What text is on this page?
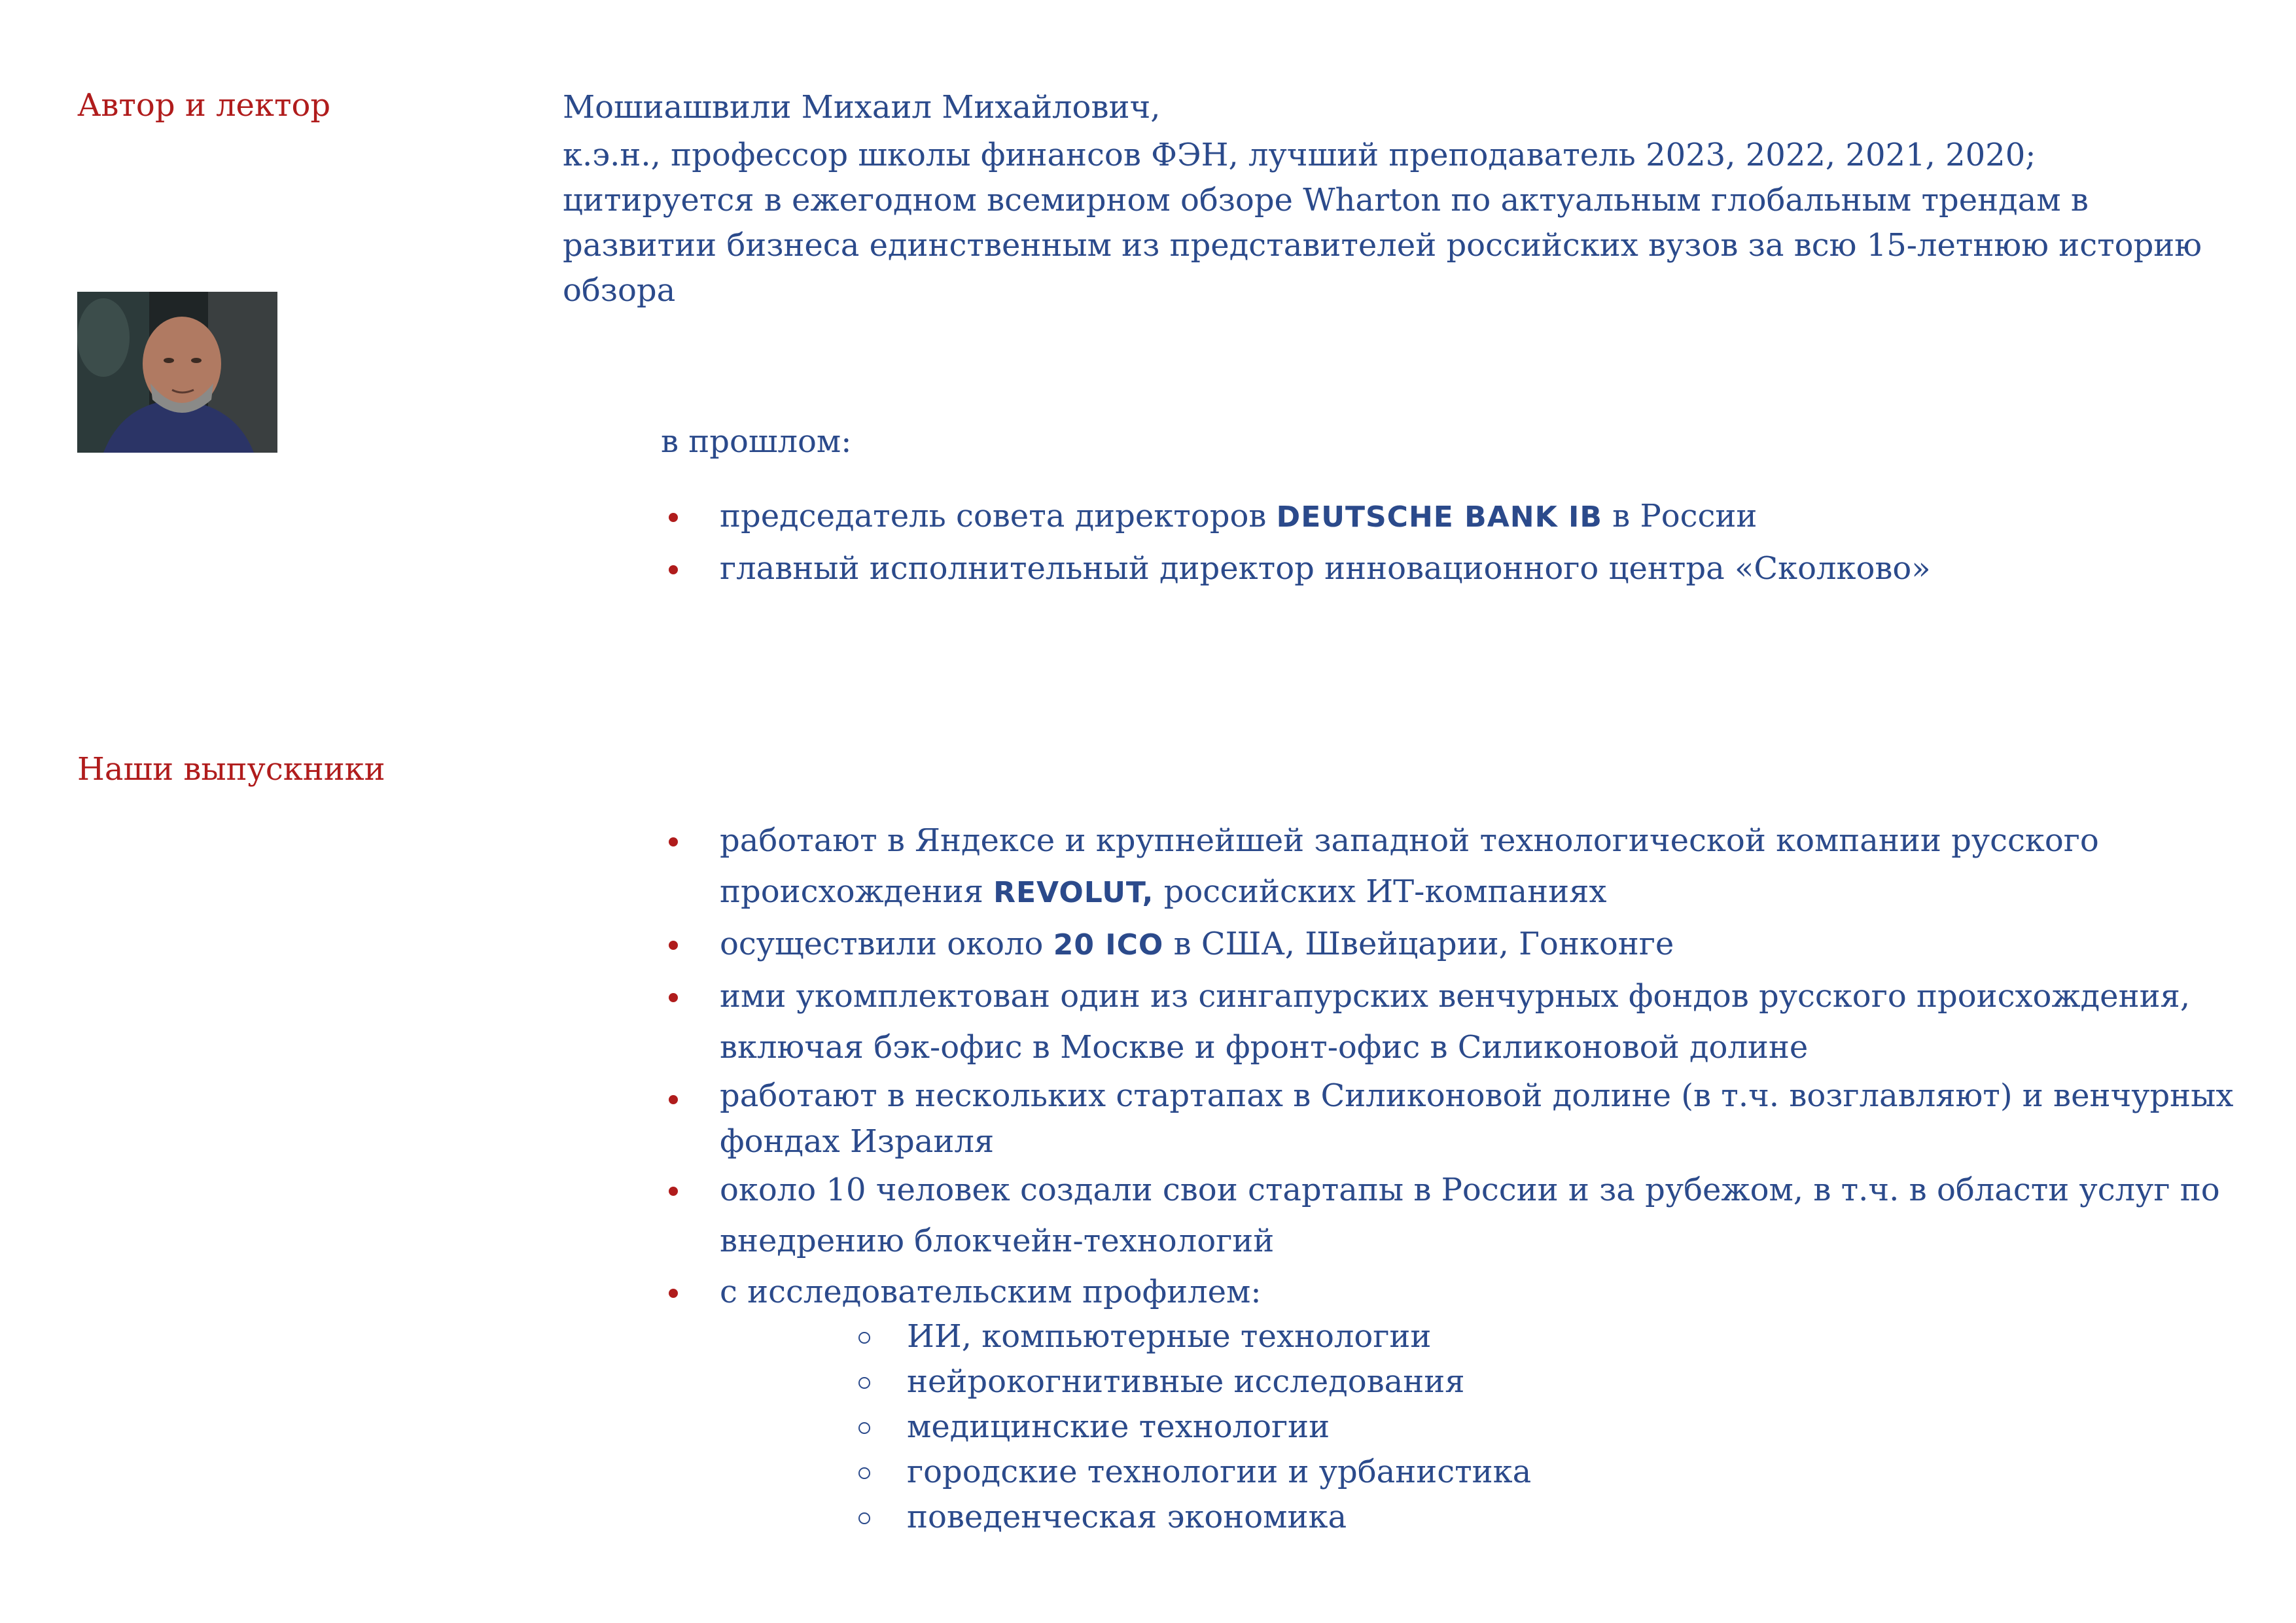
Автор и лектор	Мошиашвили Михаил Михайлович,

к.э.н., профессор школы финансов ФЭН, лучший преподаватель 2023, 2022, 2021, 2020; цитируется в ежегодном всемирном обзоре Wharton по актуальным глобальным трендам в развитии бизнеса единственным из представителей российских вузов за всю 15-летнюю историю обзора

в прошлом:
председатель совета директоров DEUTSCHE BANK IB в России
главный исполнительный директор инновационного центра «Сколково»
Наши выпускники
работают в Яндексе и крупнейшей западной технологической компании русского происхождения REVOLUT, российских ИТ-компаниях
осуществили около 20 ICO в США, Швейцарии, Гонконге
ими укомплектован один из сингапурских венчурных фондов русского происхождения, включая бэк-офис в Москве и фронт-офис в Силиконовой долине
работают в нескольких стартапах в Силиконовой долине (в т.ч. возглавляют) и венчурных фондах Израиля
около 10 человек создали свои стартапы в России и за рубежом, в т.ч. в области услуг по внедрению блокчейн-технологий
с исследовательским профилем:
ИИ, компьютерные технологии
нейрокогнитивные исследования
медицинские технологии
городские технологии и урбанистика
поведенческая экономика
